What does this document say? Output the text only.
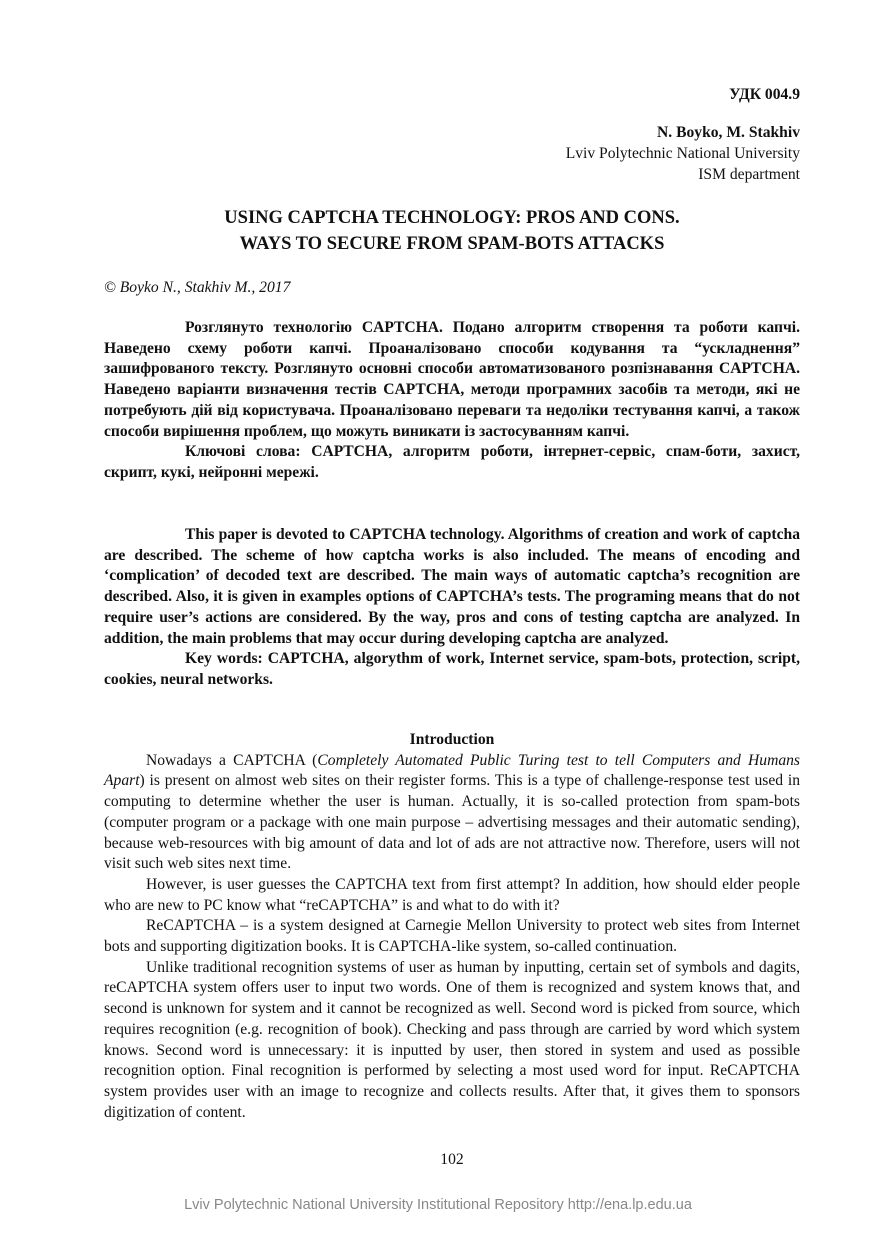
УДК 004.9
N. Boyko, M. Stakhiv
Lviv Polytechnic National University
ISM department
USING CAPTCHA TECHNOLOGY: PROS AND CONS.
WAYS TO SECURE FROM SPAM-BOTS ATTACKS
© Boyko N., Stakhiv M., 2017

Розглянуто технологію CAPTCHA. Подано алгоритм створення та роботи капчі. Наведено схему роботи капчі. Проаналізовано способи кодування та “ускладнення” зашифрованого тексту. Розглянуто основні способи автоматизованого розпізнавання CAPTCHA. Наведено варіанти визначення тестів CAPTCHA, методи програмних засобів та методи, які не потребують дій від користувача. Проаналізовано переваги та недоліки тестування капчі, а також способи вирішення проблем, що можуть виникати із застосуванням капчі.

Ключові слова: CAPTCHA, алгоритм роботи, інтернет-сервіс, спам-боти, захист, скрипт, кукі, нейронні мережі.

This paper is devoted to CAPTCHA technology. Algorithms of creation and work of captcha are described. The scheme of how captcha works is also included. The means of encoding and ‘complication’ of decoded text are described. The main ways of automatic captcha’s recognition are described. Also, it is given in examples options of CAPTCHA’s tests. The programing means that do not require user’s actions are considered. By the way, pros and cons of testing captcha are analyzed. In addition, the main problems that may occur during developing captcha are analyzed.

Key words: CAPTCHA, algorythm of work, Internet service, spam-bots, protection, script, cookies, neural networks.

Introduction

Nowadays a CAPTCHA (Completely Automated Public Turing test to tell Computers and Humans Apart) is present on almost web sites on their register forms. This is a type of challenge-response test used in computing to determine whether the user is human. Actually, it is so-called protection from spam-bots (computer program or a package with one main purpose – advertising messages and their automatic sending), because web-resources with big amount of data and lot of ads are not attractive now. Therefore, users will not visit such web sites next time.

However, is user guesses the CAPTCHA text from first attempt? In addition, how should elder people who are new to PC know what “reCAPTCHA” is and what to do with it?

ReCAPTCHA – is a system designed at Carnegie Mellon University to protect web sites from Internet bots and supporting digitization books. It is CAPTCHA-like system, so-called continuation.

Unlike traditional recognition systems of user as human by inputting, certain set of symbols and dagits, reCAPTCHA system offers user to input two words. One of them is recognized and system knows that, and second is unknown for system and it cannot be recognized as well. Second word is picked from source, which requires recognition (e.g. recognition of book). Checking and pass through are carried by word which system knows. Second word is unnecessary: it is inputted by user, then stored in system and used as possible recognition option. Final recognition is performed by selecting a most used word for input. ReCAPTCHA system provides user with an image to recognize and collects results. After that, it gives them to sponsors digitization of content.

102
Lviv Polytechnic National University Institutional Repository http://ena.lp.edu.ua
